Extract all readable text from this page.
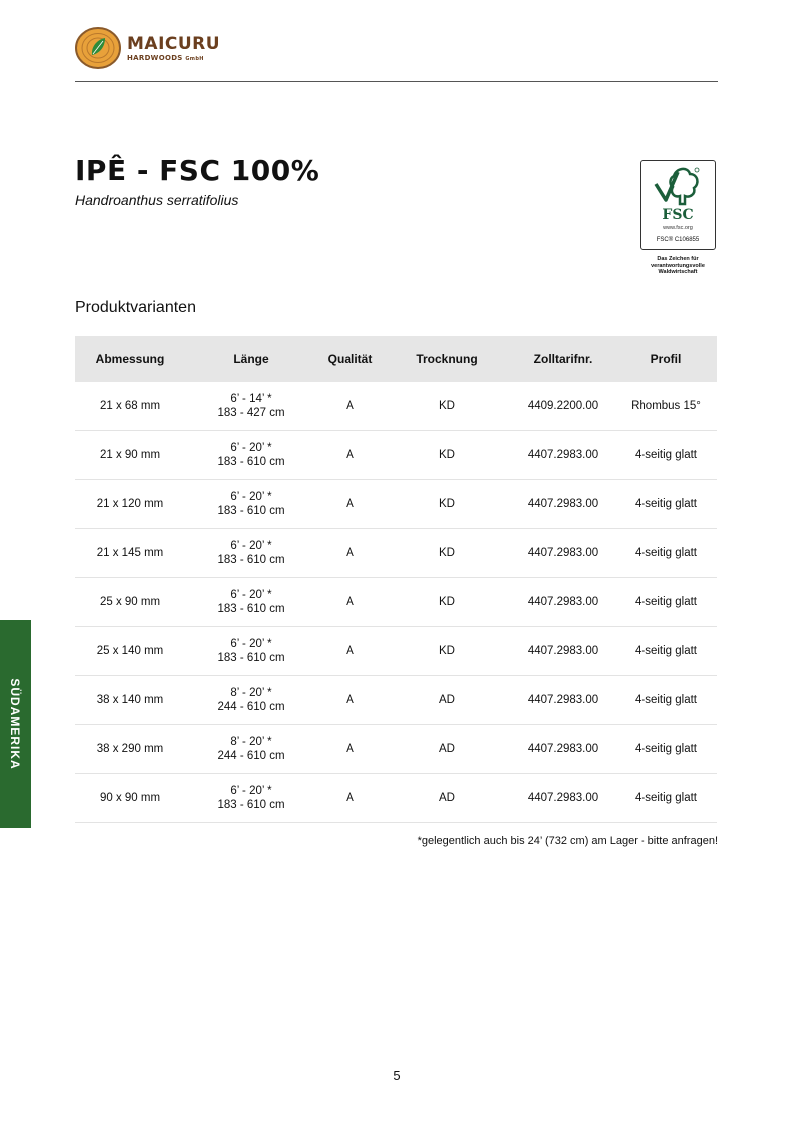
MAICURU
HARDWOODS GmbH
IPÊ - FSC 100%
Handroanthus serratifolius
FSC
www.fsc.org
FSC® C106855
Das Zeichen für
verantwortungsvolle
Waldwirtschaft
Produktvarianten
Abmessung	Länge	Qualität	Trocknung	Zolltarifnr.	Profil

21 x 68 mm	6’ - 14’ *
183 - 427 cm	A	KD	4409.2200.00	Rhombus 15°

21 x 90 mm	6’ - 20’ *
183 - 610 cm	A	KD	4407.2983.00	4-seitig glatt

21 x 120 mm	6’ - 20’ *
183 - 610 cm	A	KD	4407.2983.00	4-seitig glatt

21 x 145 mm	6’ - 20’ *
183 - 610 cm	A	KD	4407.2983.00	4-seitig glatt

25 x 90 mm	6’ - 20’ *
183 - 610 cm	A	KD	4407.2983.00	4-seitig glatt

25 x 140 mm	6’ - 20’ *
183 - 610 cm	A	KD	4407.2983.00	4-seitig glatt

38 x 140 mm	8’ - 20’ *
244 - 610 cm	A	AD	4407.2983.00	4-seitig glatt

38 x 290 mm	8’ - 20’ *
244 - 610 cm	A	AD	4407.2983.00	4-seitig glatt

90 x 90 mm	6’ - 20’ *
183 - 610 cm	A	AD	4407.2983.00	4-seitig glatt
*gelegentlich auch bis 24’ (732 cm) am Lager - bitte anfragen!
SÜDAMERIKA
5
